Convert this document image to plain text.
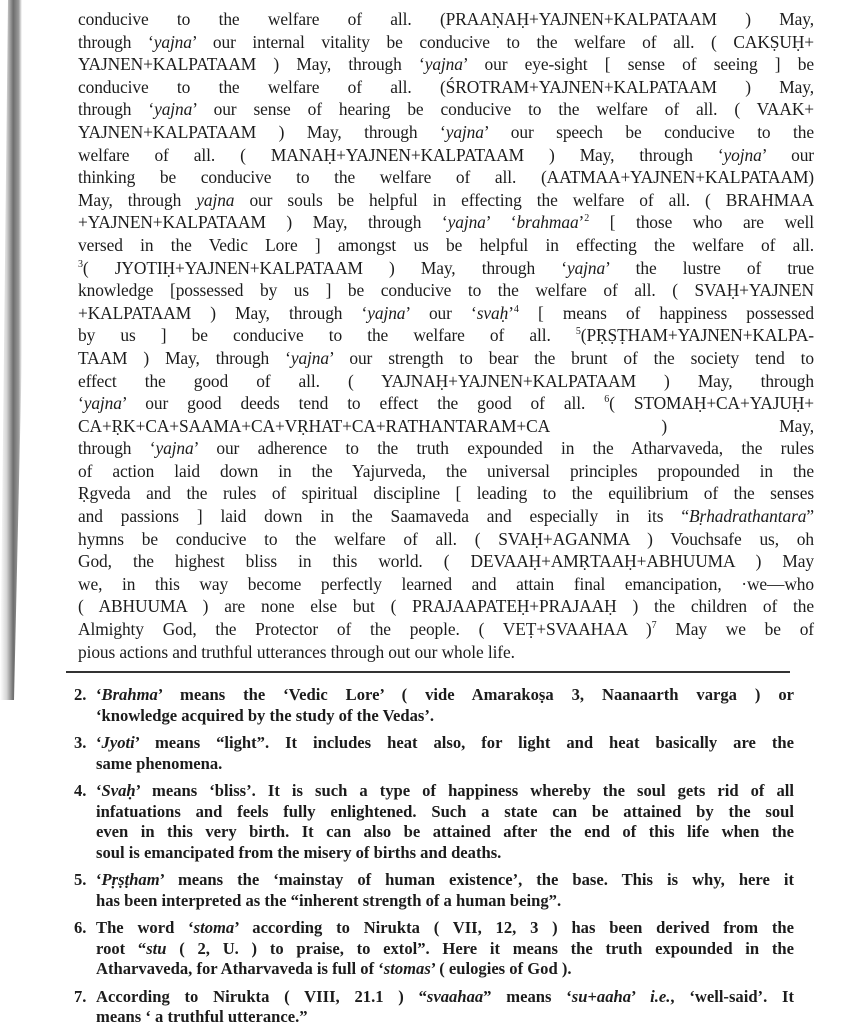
conducive to the welfare of all. (PRAAṆAḤ+YAJNEN+KALPATAAM ) May,
through ‘yajna’ our internal vitality be conducive to the welfare of all. ( CAKṢUḤ+
YAJNEN+KALPATAAM ) May, through ‘yajna’ our eye-sight [ sense of seeing ] be
conducive to the welfare of all. (ŚROTRAM+YAJNEN+KALPATAAM ) May,
through ‘yajna’ our sense of hearing be conducive to the welfare of all. ( VAAK+
YAJNEN+KALPATAAM ) May, through ‘yajna’ our speech be conducive to the
welfare of all. ( MANAḤ+YAJNEN+KALPATAAM ) May, through ‘yojna’ our
thinking be conducive to the welfare of all. (AATMAA+YAJNEN+KALPATAAM)
May, through yajna our souls be helpful in effecting the welfare of all. ( BRAHMAA
+YAJNEN+KALPATAAM ) May, through ‘yajna’ ‘brahmaa’$^2$ [ those who are well
versed in the Vedic Lore ] amongst us be helpful in effecting the welfare of all.
$^3$( JYOTIḤ+YAJNEN+KALPATAAM ) May, through ‘yajna’ the lustre of true
knowledge [possessed by us ] be conducive to the welfare of all. ( SVAḤ+YAJNEN
+KALPATAAM ) May, through ‘yajna’ our ‘svaḥ’$^4$ [ means of happiness possessed
by us ] be conducive to the welfare of all. $^5$(PṚṢṬHAM+YAJNEN+KALPA-
TAAM ) May, through ‘yajna’ our strength to bear the brunt of the society tend to
effect the good of all. ( YAJNAḤ+YAJNEN+KALPATAAM ) May, through
‘yajna’ our good deeds tend to effect the good of all. $^6$( STOMAḤ+CA+YAJUḤ+
CA+ṚK+CA+SAAMA+CA+VṚHAT+CA+RATHANTARAM+CA ) May,
through ‘yajna’ our adherence to the truth expounded in the Atharvaveda, the rules
of action laid down in the Yajurveda, the universal principles propounded in the
Ṛgveda and the rules of spiritual discipline [ leading to the equilibrium of the senses
and passions ] laid down in the Saamaveda and especially in its “Bṛhadrathantara”
hymns be conducive to the welfare of all. ( SVAḤ+AGANMA ) Vouchsafe us, oh
God, the highest bliss in this world. ( DEVAAḤ+AMṚTAAḤ+ABHUUMA ) May
we, in this way become perfectly learned and attain final emancipation, ·we—who
( ABHUUMA ) are none else but ( PRAJAAPATEḤ+PRAJAAḤ ) the children of the
Almighty God, the Protector of the people. ( VEṬ+SVAAHAA )$^7$ May we be of
pious actions and truthful utterances through out our whole life.
2. ‘Brahma’ means the ‘Vedic Lore’ ( vide Amarakoṣa 3, Naanaarth varga ) or
‘knowledge acquired by the study of the Vedas’.
3. ‘Jyoti’ means “light”. It includes heat also, for light and heat basically are the
same phenomena.
4. ‘Svaḥ’ means ‘bliss’. It is such a type of happiness whereby the soul gets rid of all
infatuations and feels fully enlightened. Such a state can be attained by the soul
even in this very birth. It can also be attained after the end of this life when the
soul is emancipated from the misery of births and deaths.
5. ‘Pṛṣṭham’ means the ‘mainstay of human existence’, the base. This is why, here it
has been interpreted as the “inherent strength of a human being”.
6. The word ‘stoma’ according to Nirukta ( VII, 12, 3 ) has been derived from the
root “stu ( 2, U. ) to praise, to extol”. Here it means the truth expounded in the
Atharvaveda, for Atharvaveda is full of ‘stomas’ ( eulogies of God ).
7. According to Nirukta ( VIII, 21.1 ) “svaahaa” means ‘su+aaha’ i.e., ‘well-said’. It
means ‘ a truthful utterance.”
